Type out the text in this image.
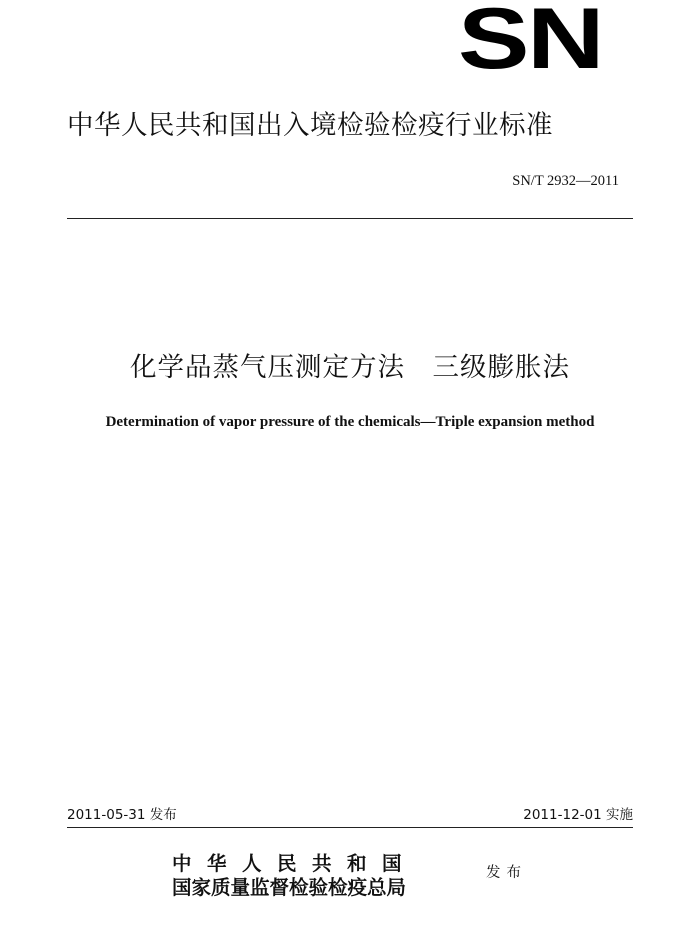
SN
中华人民共和国出入境检验检疫行业标准
SN/T 2932—2011
化学品蒸气压测定方法　三级膨胀法
Determination of vapor pressure of the chemicals—Triple expansion method
2011-05-31 发布	2011-12-01 实施
中华人民共和国
国家质量监督检验检疫总局
发布
